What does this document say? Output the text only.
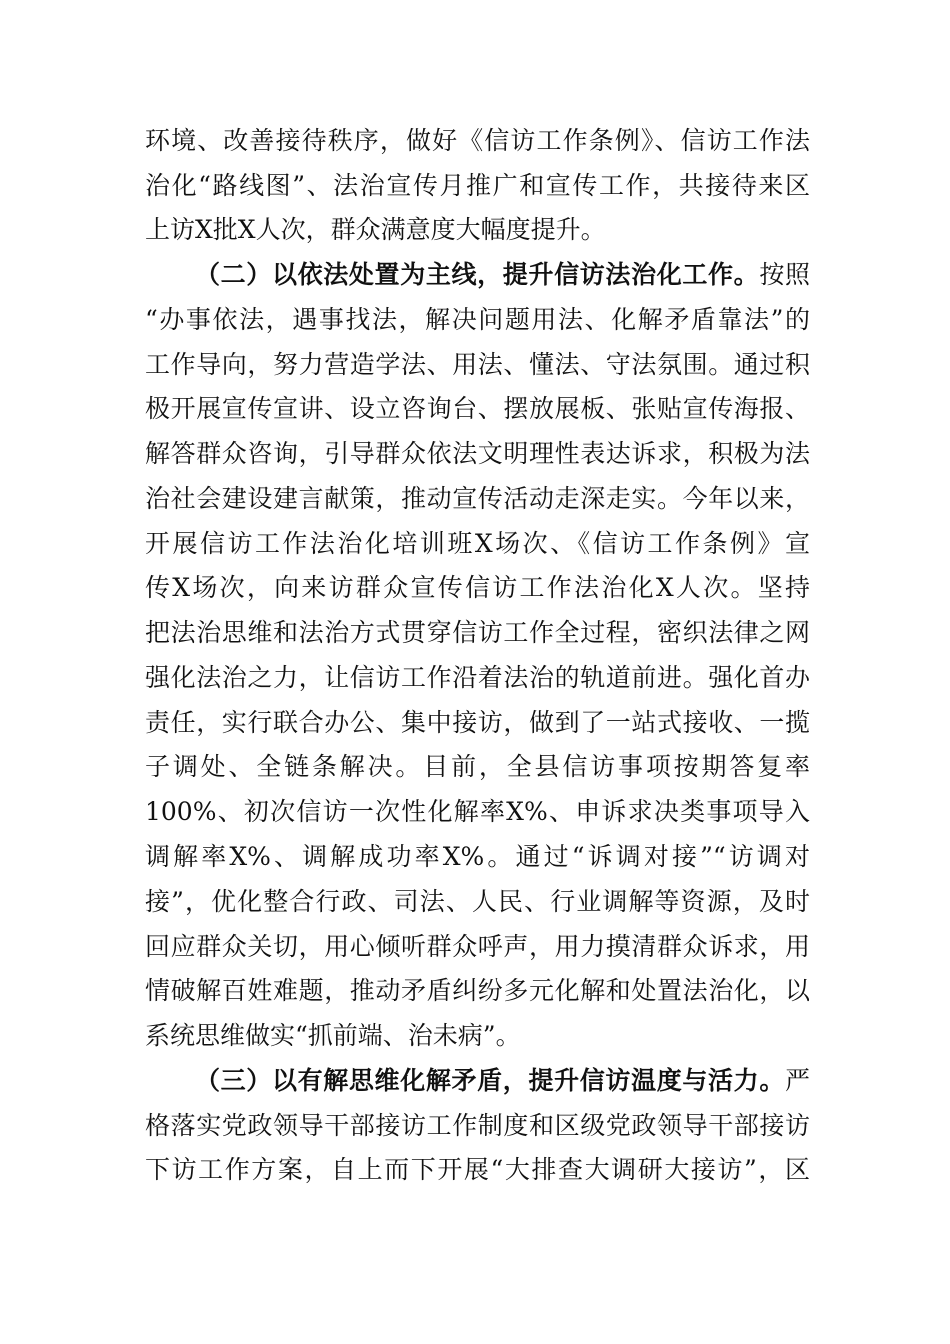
环境、改善接待秩序，做好《信访工作条例》、信访工作法
治化“路线图”、法治宣传月推广和宣传工作，共接待来区
上访X批X人次，群众满意度大幅度提升。
（二）以依法处置为主线，提升信访法治化工作。按照
“办事依法，遇事找法，解决问题用法、化解矛盾靠法”的
工作导向，努力营造学法、用法、懂法、守法氛围。通过积
极开展宣传宣讲、设立咨询台、摆放展板、张贴宣传海报、
解答群众咨询，引导群众依法文明理性表达诉求，积极为法
治社会建设建言献策，推动宣传活动走深走实。今年以来，
开展信访工作法治化培训班X场次、《信访工作条例》宣
传X场次，向来访群众宣传信访工作法治化X人次。坚持
把法治思维和法治方式贯穿信访工作全过程，密织法律之网
强化法治之力，让信访工作沿着法治的轨道前进。强化首办
责任，实行联合办公、集中接访，做到了一站式接收、一揽
子调处、全链条解决。目前，全县信访事项按期答复率
100%、初次信访一次性化解率X%、申诉求决类事项导入
调解率X%、调解成功率X%。通过“诉调对接”“访调对
接”，优化整合行政、司法、人民、行业调解等资源，及时
回应群众关切，用心倾听群众呼声，用力摸清群众诉求，用
情破解百姓难题，推动矛盾纠纷多元化解和处置法治化，以
系统思维做实“抓前端、治未病”。
（三）以有解思维化解矛盾，提升信访温度与活力。严
格落实党政领导干部接访工作制度和区级党政领导干部接访
下访工作方案，自上而下开展“大排查大调研大接访”，区
